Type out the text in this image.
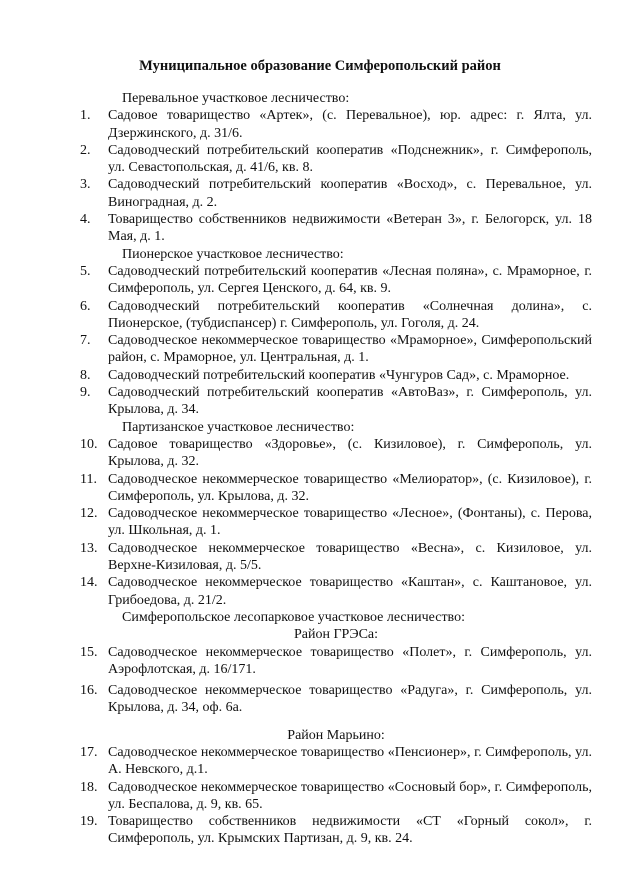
Муниципальное образование Симферопольский район
Перевальное участковое лесничество:
1. Садовое товарищество «Артек», (с. Перевальное), юр. адрес: г. Ялта, ул. Дзержинского, д. 31/6.
2. Садоводческий потребительский кооператив «Подснежник», г. Симферополь, ул. Севастопольская, д. 41/6, кв. 8.
3. Садоводческий потребительский кооператив «Восход», с. Перевальное, ул. Виноградная, д. 2.
4. Товарищество собственников недвижимости «Ветеран 3», г. Белогорск, ул. 18 Мая, д. 1.
Пионерское участковое лесничество:
5. Садоводческий потребительский кооператив «Лесная поляна», с. Мраморное, г. Симферополь, ул. Сергея Ценского, д. 64, кв. 9.
6. Садоводческий потребительский кооператив «Солнечная долина», с. Пионерское, (тубдиспансер) г. Симферополь, ул. Гоголя, д. 24.
7. Садоводческое некоммерческое товарищество «Мраморное», Симферопольский район, с. Мраморное, ул. Центральная, д. 1.
8. Садоводческий потребительский кооператив «Чунгуров Сад», с. Мраморное.
9. Садоводческий потребительский кооператив «АвтоВаз», г. Симферополь, ул. Крылова, д. 34.
Партизанское участковое лесничество:
10. Садовое товарищество «Здоровье», (с. Кизиловое), г. Симферополь, ул. Крылова, д. 32.
11. Садоводческое некоммерческое товарищество «Мелиоратор», (с. Кизиловое), г. Симферополь, ул. Крылова, д. 32.
12. Садоводческое некоммерческое товарищество «Лесное», (Фонтаны), с. Перова, ул. Школьная, д. 1.
13. Садоводческое некоммерческое товарищество «Весна», с. Кизиловое, ул. Верхне-Кизиловая, д. 5/5.
14. Садоводческое некоммерческое товарищество «Каштан», с. Каштановое, ул. Грибоедова, д. 21/2.
Симферопольское лесопарковое участковое лесничество:
Район ГРЭСа:
15. Садоводческое некоммерческое товарищество «Полет», г. Симферополь, ул. Аэрофлотская, д. 16/171.
16. Садоводческое некоммерческое товарищество «Радуга», г. Симферополь, ул. Крылова, д. 34, оф. 6а.
Район Марьино:
17. Садоводческое некоммерческое товарищество «Пенсионер», г. Симферополь, ул. А. Невского, д.1.
18. Садоводческое некоммерческое товарищество «Сосновый бор», г. Симферополь, ул. Беспалова, д. 9, кв. 65.
19. Товарищество собственников недвижимости «СТ «Горный сокол», г. Симферополь, ул. Крымских Партизан, д. 9, кв. 24.
